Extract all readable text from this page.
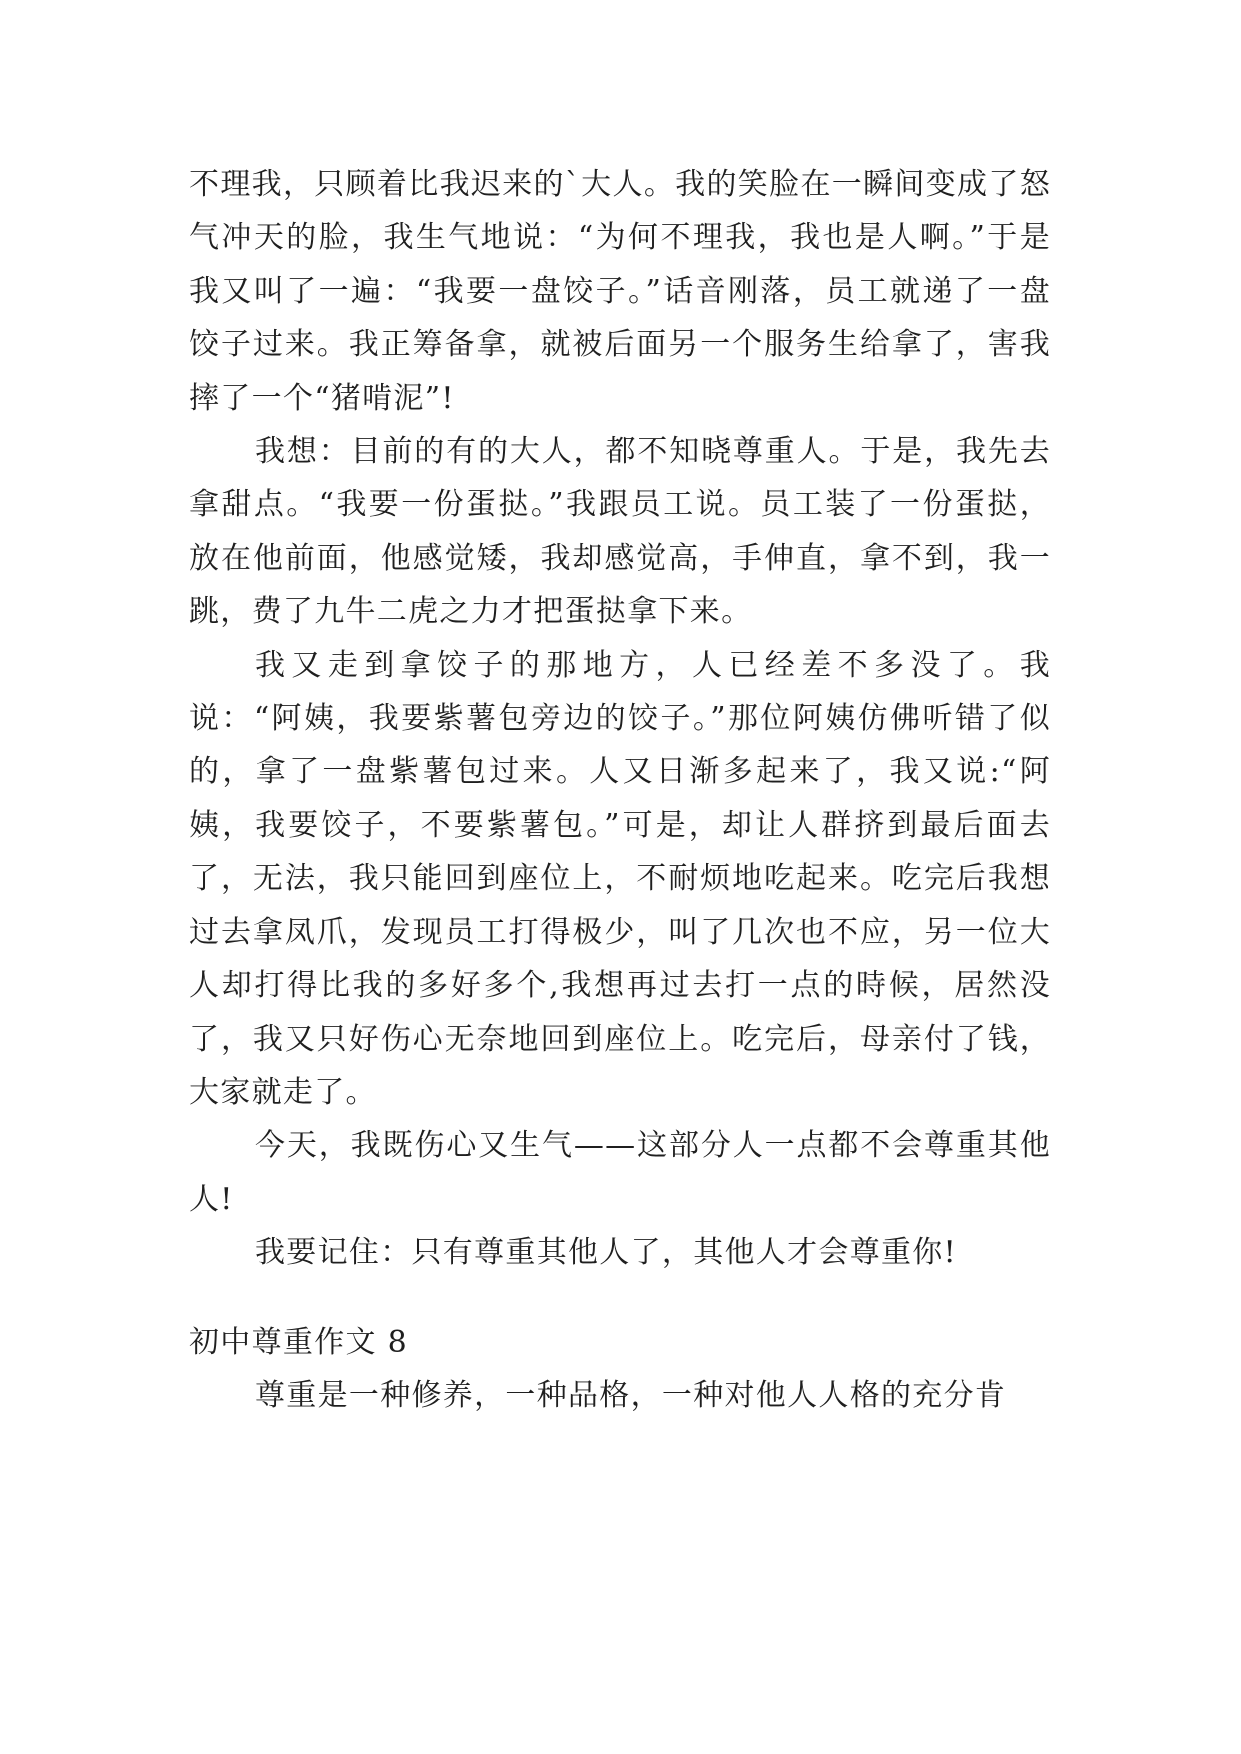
不理我，只顾着比我迟来的`大人。我的笑脸在一瞬间变成了怒气冲天的脸，我生气地说：“为何不理我，我也是人啊。”于是我又叫了一遍：“我要一盘饺子。”话音刚落，员工就递了一盘饺子过来。我正筹备拿，就被后面另一个服务生给拿了，害我摔了一个“猪啃泥”!

我想：目前的有的大人，都不知晓尊重人。于是，我先去拿甜点。“我要一份蛋挞。”我跟员工说。员工装了一份蛋挞，放在他前面，他感觉矮，我却感觉高，手伸直，拿不到，我一跳，费了九牛二虎之力才把蛋挞拿下来。

我又走到拿饺子的那地方，人已经差不多没了。我说：“阿姨，我要紫薯包旁边的饺子。”那位阿姨仿佛听错了似的，拿了一盘紫薯包过来。人又日渐多起来了，我又说:“阿姨，我要饺子，不要紫薯包。”可是，却让人群挤到最后面去了，无法，我只能回到座位上，不耐烦地吃起来。吃完后我想过去拿凤爪，发现员工打得极少，叫了几次也不应，另一位大人却打得比我的多好多个,我想再过去打一点的時候，居然没了，我又只好伤心无奈地回到座位上。吃完后，母亲付了钱，大家就走了。

今天，我既伤心又生气——这部分人一点都不会尊重其他人!

我要记住：只有尊重其他人了，其他人才会尊重你!

初中尊重作文 8

尊重是一种修养，一种品格，一种对他人人格的充分肯
